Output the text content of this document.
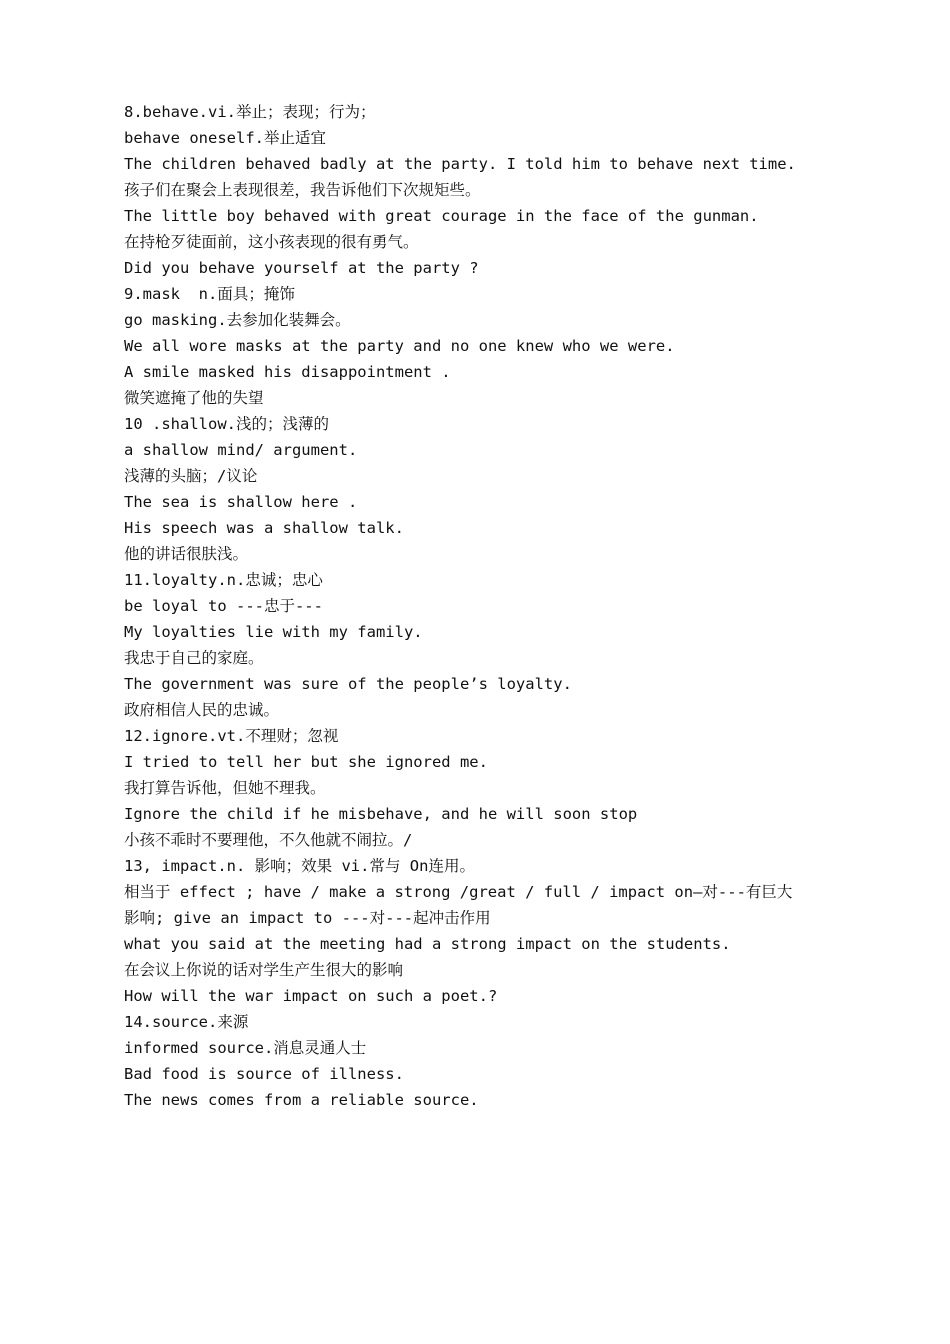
8.behave.vi.举止；表现；行为；
behave oneself.举止适宜
The children behaved badly at the party. I told him to behave next time.
孩子们在聚会上表现很差，我告诉他们下次规矩些。
The little boy behaved with great courage in the face of the gunman.
在持枪歹徒面前，这小孩表现的很有勇气。
Did you behave yourself at the party ?
9.mask  n.面具；掩饰
go masking.去参加化装舞会。
We all wore masks at the party and no one knew who we were.
A smile masked his disappointment .
微笑遮掩了他的失望
10 .shallow.浅的；浅薄的
a shallow mind/ argument.
浅薄的头脑；/议论
The sea is shallow here .
His speech was a shallow talk.
他的讲话很肤浅。
11.loyalty.n.忠诚；忠心
be loyal to ---忠于---
My loyalties lie with my family.
我忠于自己的家庭。
The government was sure of the people’s loyalty.
政府相信人民的忠诚。
12.ignore.vt.不理财；忽视
I tried to tell her but she ignored me.
我打算告诉他，但她不理我。
Ignore the child if he misbehave, and he will soon stop
小孩不乖时不要理他，不久他就不闹拉。/
13, impact.n. 影响；效果 vi.常与 On连用。
相当于 effect ; have / make a strong /great / full / impact on—对---有巨大
影响; give an impact to ---对---起冲击作用
what you said at the meeting had a strong impact on the students.
在会议上你说的话对学生产生很大的影响
How will the war impact on such a poet.?
14.source.来源
informed source.消息灵通人士
Bad food is source of illness.
The news comes from a reliable source.
